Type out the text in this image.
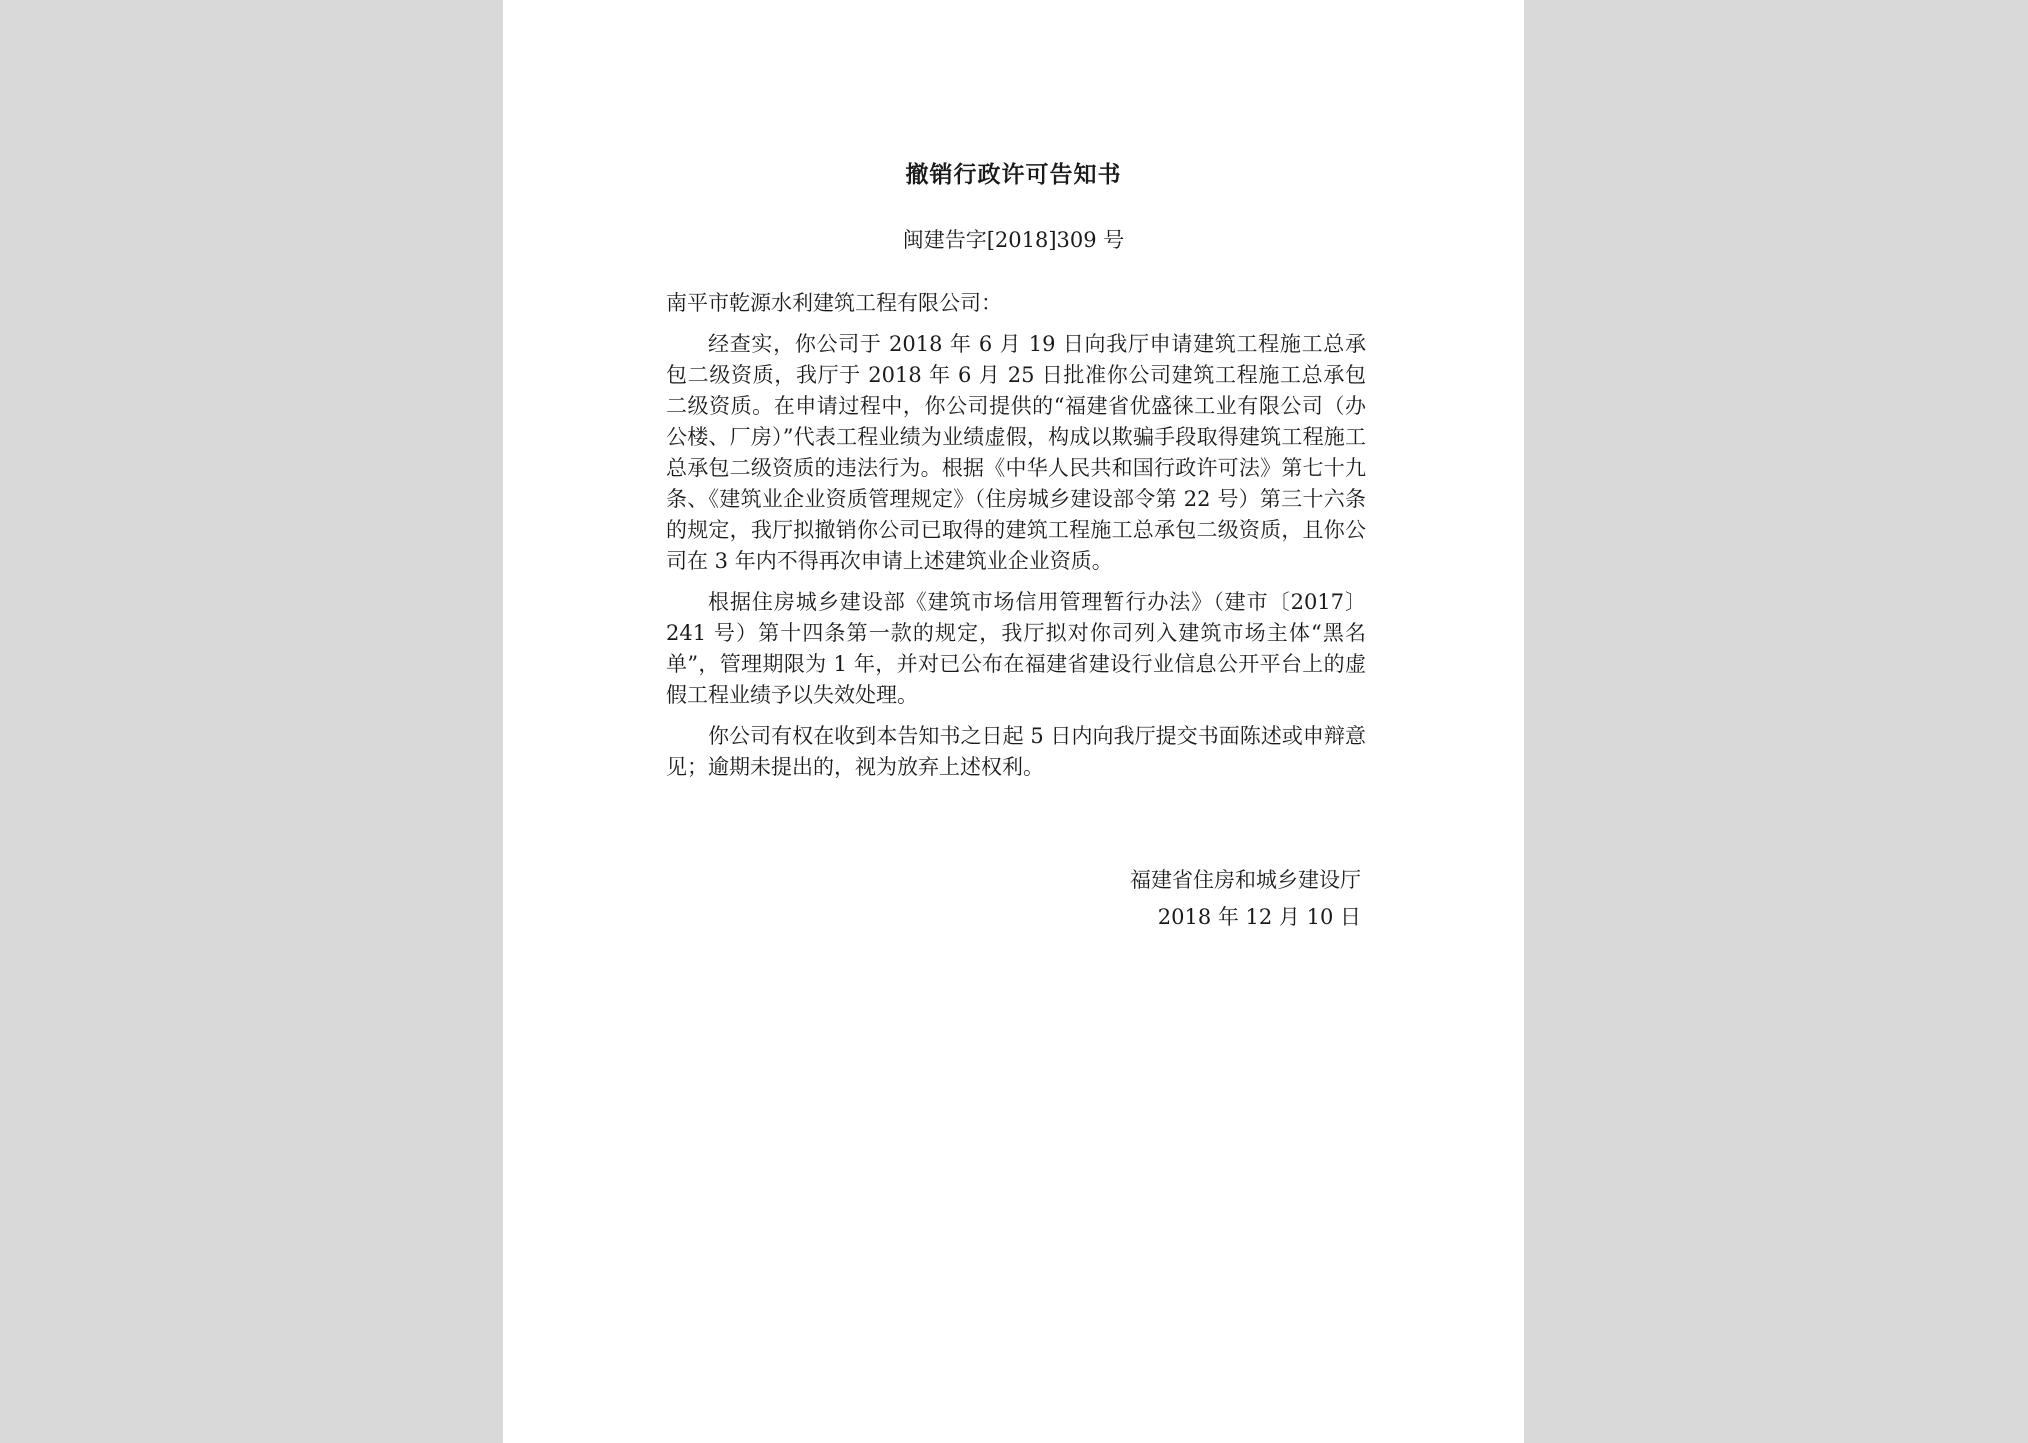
撤销行政许可告知书
闽建告字[2018]309 号

南平市乾源水利建筑工程有限公司：

经查实，你公司于 2018 年 6 月 19 日向我厅申请建筑工程施工总承包二级资质，我厅于 2018 年 6 月 25 日批准你公司建筑工程施工总承包二级资质。在申请过程中，你公司提供的“福建省优盛徕工业有限公司（办公楼、厂房）”代表工程业绩为业绩虚假，构成以欺骗手段取得建筑工程施工总承包二级资质的违法行为。根据《中华人民共和国行政许可法》第七十九条、《建筑业企业资质管理规定》（住房城乡建设部令第 22 号）第三十六条的规定，我厅拟撤销你公司已取得的建筑工程施工总承包二级资质，且你公司在 3 年内不得再次申请上述建筑业企业资质。

根据住房城乡建设部《建筑市场信用管理暂行办法》（建市〔2017〕241 号）第十四条第一款的规定，我厅拟对你司列入建筑市场主体“黑名单”，管理期限为 1 年，并对已公布在福建省建设行业信息公开平台上的虚假工程业绩予以失效处理。

你公司有权在收到本告知书之日起 5 日内向我厅提交书面陈述或申辩意见；逾期未提出的，视为放弃上述权利。

福建省住房和城乡建设厅
2018 年 12 月 10 日
